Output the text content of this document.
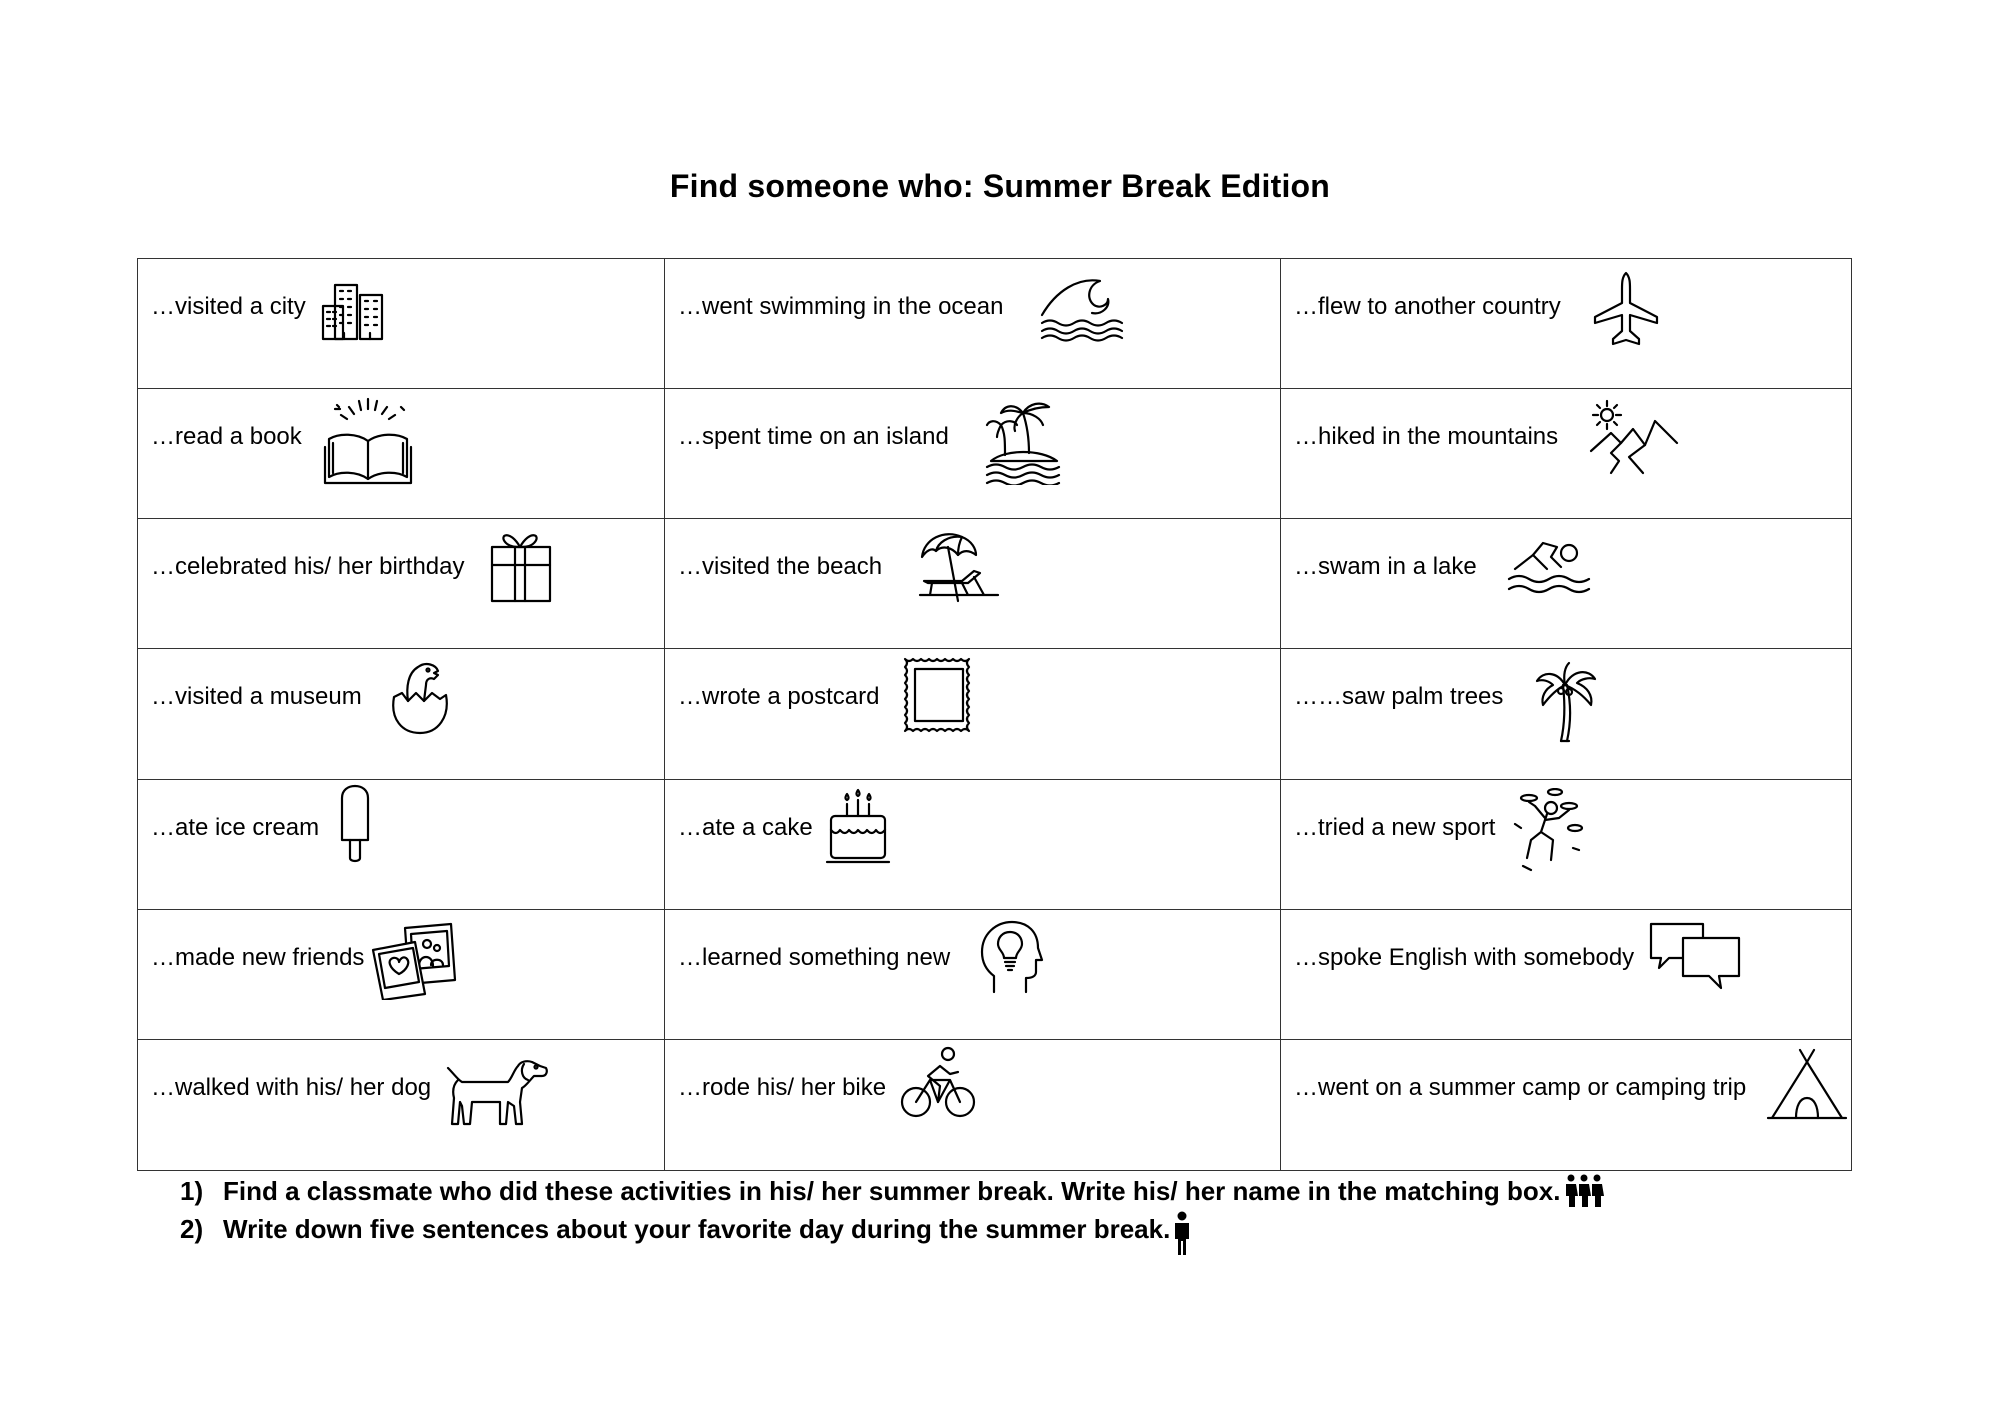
Find someone who: Summer Break Edition
…visited a city	…went swimming in the ocean	…flew to another country
…read a book	…spent time on an island	…hiked in the mountains
…celebrated his/ her birthday	…visited the beach	…swam in a lake
…visited a museum	…wrote a postcard	……saw palm trees
…ate ice cream	…ate a cake	…tried a new sport
…made new friends	…learned something new	…spoke English with somebody
…walked with his/ her dog	…rode his/ her bike	…went on a summer camp or camping trip
1) Find a classmate who did these activities in his/ her summer break. Write his/ her name in the matching box.
2) Write down five sentences about your favorite day during the summer break.
